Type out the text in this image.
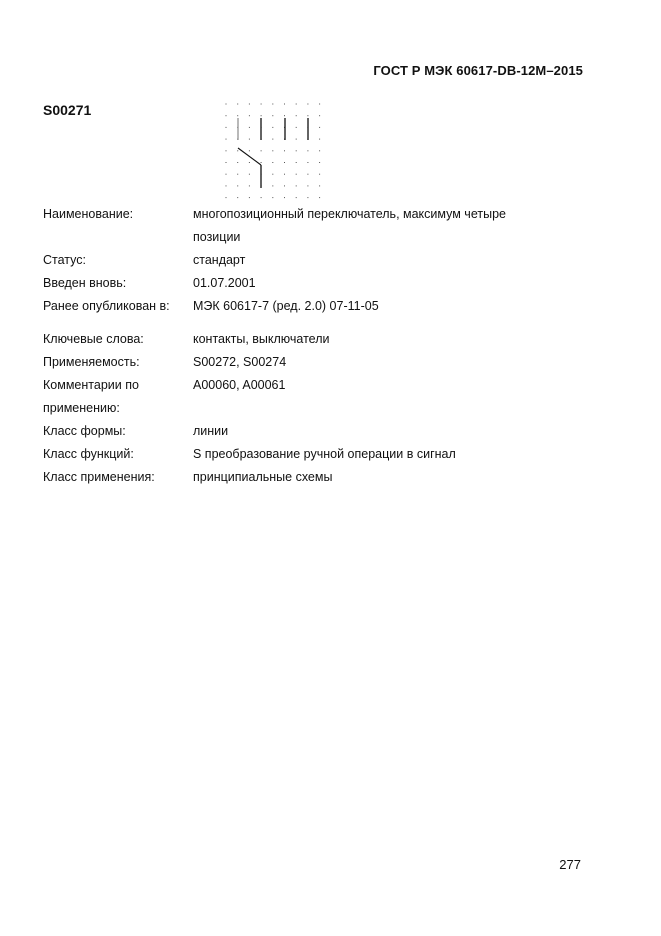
ГОСТ Р МЭК 60617-DB-12M–2015
S00271
Наименование:	многопозиционный переключатель, максимум четыре
позиции
Статус:	стандарт
Введен вновь:	01.07.2001
Ранее опубликован в:	МЭК 60617-7 (ред. 2.0) 07-11-05
Ключевые слова:	контакты, выключатели
Применяемость:	S00272, S00274
Комментарии по
применению:
A00060, A00061
Класс формы:	линии
Класс функций:	S преобразование ручной операции в сигнал
Класс применения:	принципиальные схемы
277
